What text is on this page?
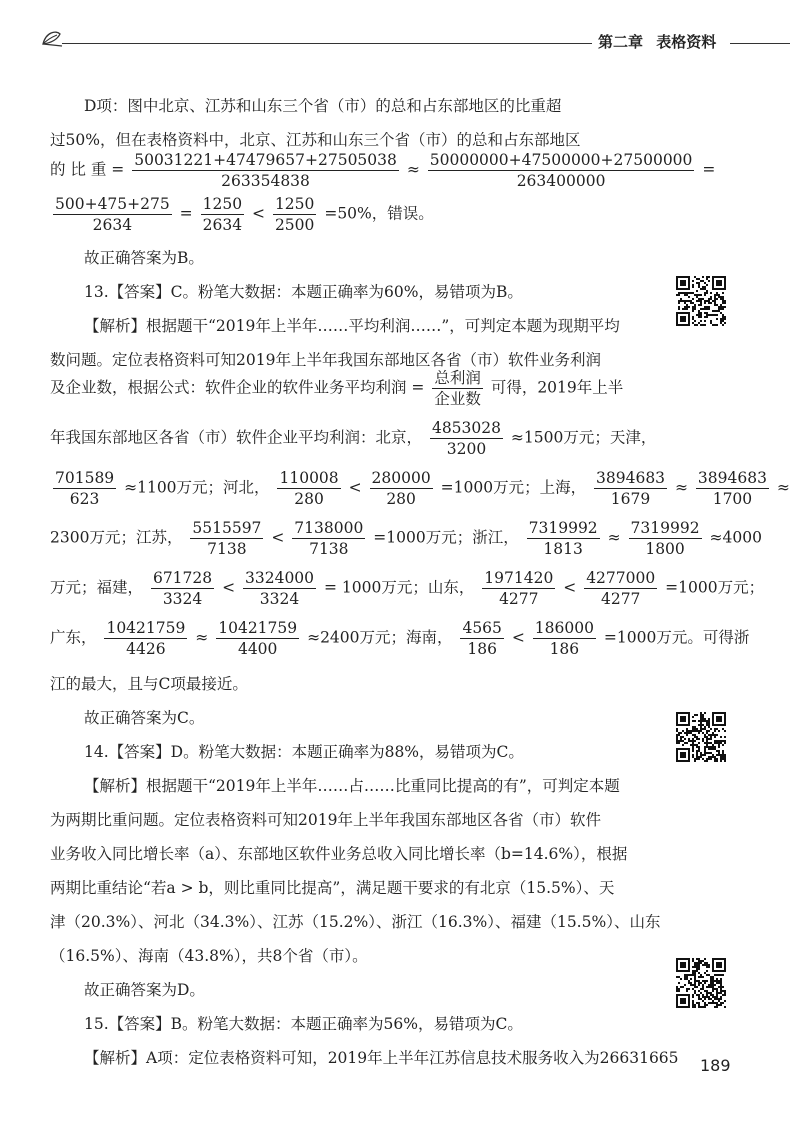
第二章 表格资料
D项：图中北京、江苏和山东三个省（市）的总和占东部地区的比重超
过50%，但在表格资料中，北京、江苏和山东三个省（市）的总和占东部地区
的 比 重 = $\frac{50031221+47479657+27505038}{263354838} \approx \frac{50000000+47500000+27500000}{263400000}$ =
$\frac{500+475+275}{2634} = \frac{1250}{2634} < \frac{1250}{2500} =50\%$，错误。
故正确答案为B。
13.【答案】C。粉笔大数据：本题正确率为60%，易错项为B。
【解析】根据题干“2019年上半年……平均利润……”，可判定本题为现期平均
数问题。定位表格资料可知2019年上半年我国东部地区各省（市）软件业务利润
及企业数，根据公式：软件企业的软件业务平均利润 = $\frac{\text{总利润}}{\text{企业数}}$ 可得，2019年上半
年我国东部地区各省（市）软件企业平均利润：北京， $\frac{4853028}{3200} \approx 1500$万元；天津，
$\frac{701589}{623} \approx 1100$万元；河北， $\frac{110008}{280} < \frac{280000}{280} =1000$万元；上海， $\frac{3894683}{1679} \approx \frac{3894683}{1700}$ ≈
2300万元；江苏， $\frac{5515597}{7138} < \frac{7138000}{7138} =1000$万元；浙江， $\frac{7319992}{1813} \approx \frac{7319992}{1800} \approx 4000$
万元；福建， $\frac{671728}{3324} < \frac{3324000}{3324} = 1000$万元；山东， $\frac{1971420}{4277} < \frac{4277000}{4277} =1000$万元；
广东， $\frac{10421759}{4426} \approx \frac{10421759}{4400} \approx 2400$万元；海南， $\frac{4565}{186} < \frac{186000}{186} =1000$万元。可得浙
江的最大，且与C项最接近。
故正确答案为C。
14.【答案】D。粉笔大数据：本题正确率为88%，易错项为C。
【解析】根据题干“2019年上半年……占……比重同比提高的有”，可判定本题
为两期比重问题。定位表格资料可知2019年上半年我国东部地区各省（市）软件
业务收入同比增长率（a）、东部地区软件业务总收入同比增长率（b=14.6%），根据
两期比重结论“若a > b，则比重同比提高”，满足题干要求的有北京（15.5%）、天
津（20.3%）、河北（34.3%）、江苏（15.2%）、浙江（16.3%）、福建（15.5%）、山东
（16.5%）、海南（43.8%），共8个省（市）。
故正确答案为D。
15.【答案】B。粉笔大数据：本题正确率为56%，易错项为C。
【解析】A项：定位表格资料可知，2019年上半年江苏信息技术服务收入为26631665 189
